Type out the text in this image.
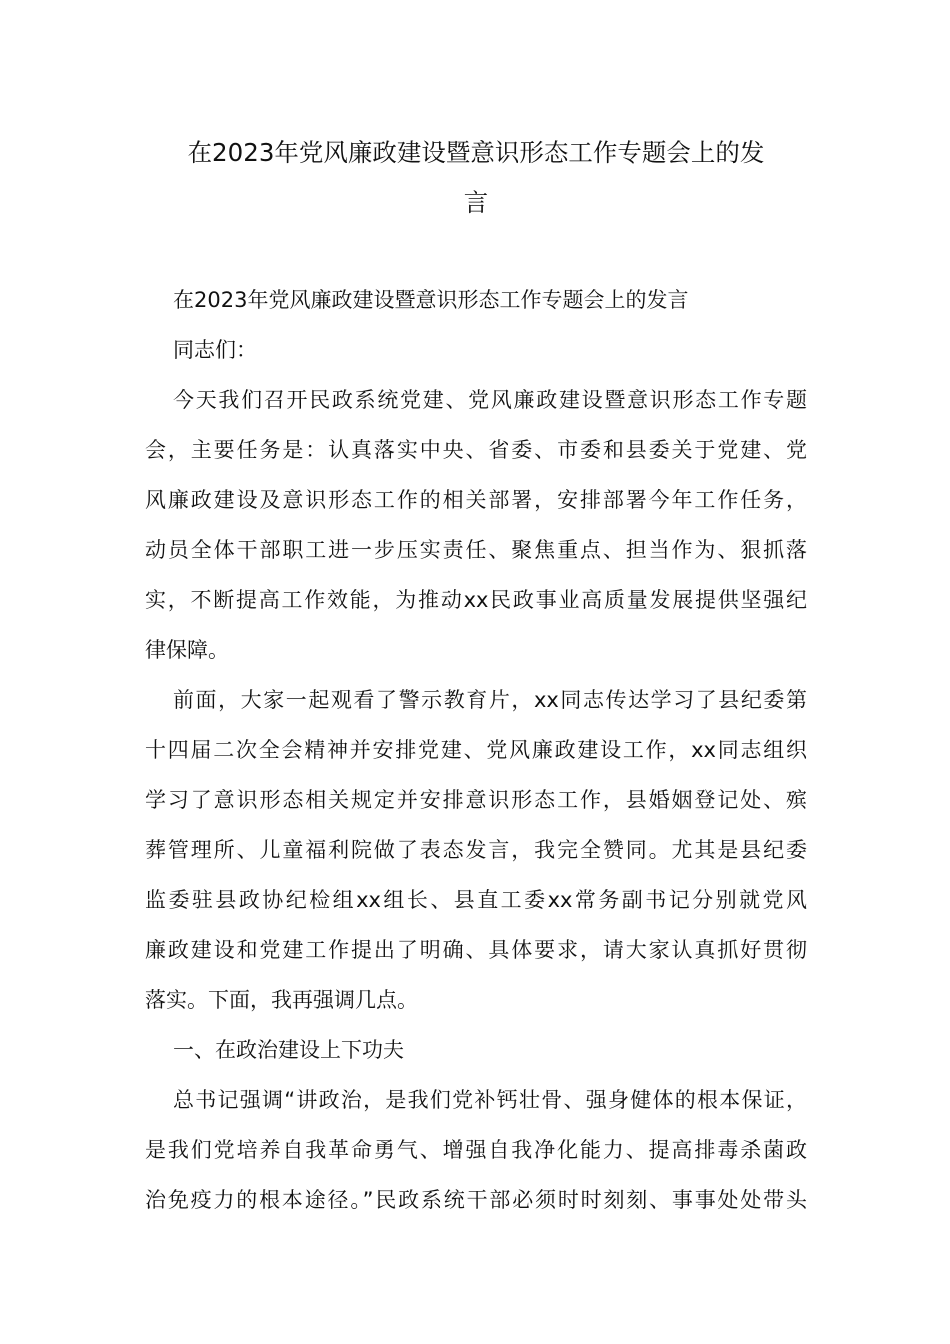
在2023年党风廉政建设暨意识形态工作专题会上的发
言

在2023年党风廉政建设暨意识形态工作专题会上的发言

同志们：

今天我们召开民政系统党建、党风廉政建设暨意识形态工作专题
会，主要任务是：认真落实中央、省委、市委和县委关于党建、党
风廉政建设及意识形态工作的相关部署，安排部署今年工作任务，
动员全体干部职工进一步压实责任、聚焦重点、担当作为、狠抓落
实，不断提高工作效能，为推动xx民政事业高质量发展提供坚强纪
律保障。

前面，大家一起观看了警示教育片，xx同志传达学习了县纪委第
十四届二次全会精神并安排党建、党风廉政建设工作，xx同志组织
学习了意识形态相关规定并安排意识形态工作，县婚姻登记处、殡
葬管理所、儿童福利院做了表态发言，我完全赞同。尤其是县纪委
监委驻县政协纪检组xx组长、县直工委xx常务副书记分别就党风
廉政建设和党建工作提出了明确、具体要求，请大家认真抓好贯彻
落实。下面，我再强调几点。

一、在政治建设上下功夫

总书记强调“讲政治，是我们党补钙壮骨、强身健体的根本保证，
是我们党培养自我革命勇气、增强自我净化能力、提高排毒杀菌政
治免疫力的根本途径。”民政系统干部必须时时刻刻、事事处处带头
